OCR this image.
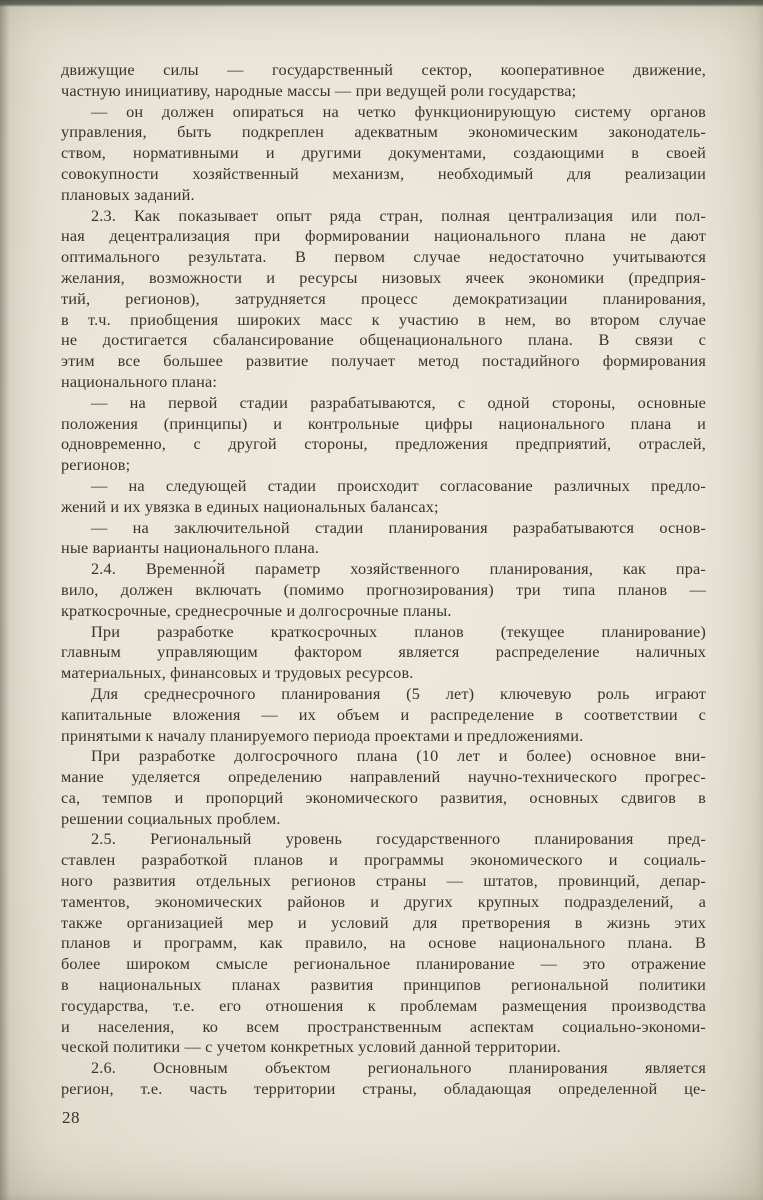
движущие силы — государственный сектор, кооперативное движение,
частную инициативу, народные массы — при ведущей роли государства;
— он должен опираться на четко функционирующую систему органов
управления, быть подкреплен адекватным экономическим законодатель-
ством, нормативными и другими документами, создающими в своей
совокупности хозяйственный механизм, необходимый для реализации
плановых заданий.
2.3. Как показывает опыт ряда стран, полная централизация или пол-
ная децентрализация при формировании национального плана не дают
оптимального результата. В первом случае недостаточно учитываются
желания, возможности и ресурсы низовых ячеек экономики (предприя-
тий, регионов), затрудняется процесс демократизации планирования,
в т.ч. приобщения широких масс к участию в нем, во втором случае
не достигается сбалансирование общенационального плана. В связи с
этим все большее развитие получает метод постадийного формирования
национального плана:
— на первой стадии разрабатываются, с одной стороны, основные
положения (принципы) и контрольные цифры национального плана и
одновременно, с другой стороны, предложения предприятий, отраслей,
регионов;
— на следующей стадии происходит согласование различных предло-
жений и их увязка в единых национальных балансах;
— на заключительной стадии планирования разрабатываются основ-
ные варианты национального плана.
2.4. Временно́й параметр хозяйственного планирования, как пра-
вило, должен включать (помимо прогнозирования) три типа планов —
краткосрочные, среднесрочные и долгосрочные планы.
При разработке краткосрочных планов (текущее планирование)
главным управляющим фактором является распределение наличных
материальных, финансовых и трудовых ресурсов.
Для среднесрочного планирования (5 лет) ключевую роль играют
капитальные вложения — их объем и распределение в соответствии с
принятыми к началу планируемого периода проектами и предложениями.
При разработке долгосрочного плана (10 лет и более) основное вни-
мание уделяется определению направлений научно-технического прогрес-
са, темпов и пропорций экономического развития, основных сдвигов в
решении социальных проблем.
2.5. Региональный уровень государственного планирования пред-
ставлен разработкой планов и программы экономического и социаль-
ного развития отдельных регионов страны — штатов, провинций, депар-
таментов, экономических районов и других крупных подразделений, а
также организацией мер и условий для претворения в жизнь этих
планов и программ, как правило, на основе национального плана. В
более широком смысле региональное планирование — это отражение
в национальных планах развития принципов региональной политики
государства, т.е. его отношения к проблемам размещения производства
и населения, ко всем пространственным аспектам социально-экономи-
ческой политики — с учетом конкретных условий данной территории.
2.6. Основным объектом регионального планирования является
регион, т.е. часть территории страны, обладающая определенной це-
28
